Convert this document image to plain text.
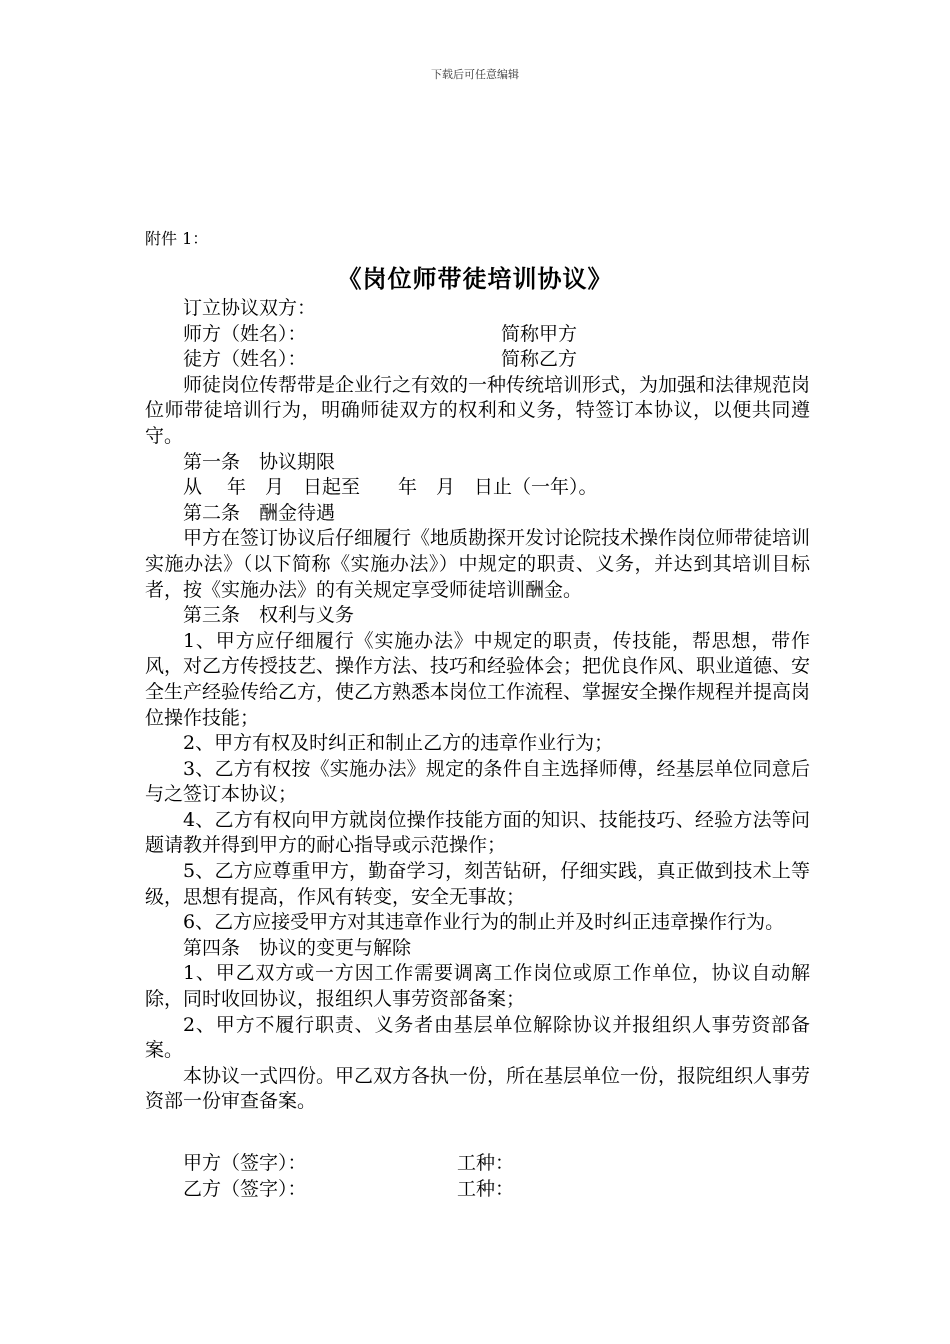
下载后可任意编辑
附件 1：
《岗位师带徒培训协议》

订立协议双方：

师方（姓名）：	简称甲方
徒方（姓名）：	简称乙方

师徒岗位传帮带是企业行之有效的一种传统培训形式，为加强和法律规范岗位师带徒培训行为，明确师徒双方的权利和义务，特签订本协议，以便共同遵守。

第一条　协议期限

从　 年　月　日起至　　年　月　日止（一年）。

第二条　酬金待遇

甲方在签订协议后仔细履行《地质勘探开发讨论院技术操作岗位师带徒培训实施办法》（以下简称《实施办法》）中规定的职责、义务，并达到其培训目标者，按《实施办法》的有关规定享受师徒培训酬金。

第三条　权利与义务

1、甲方应仔细履行《实施办法》中规定的职责，传技能，帮思想，带作风，对乙方传授技艺、操作方法、技巧和经验体会；把优良作风、职业道德、安全生产经验传给乙方，使乙方熟悉本岗位工作流程、掌握安全操作规程并提高岗位操作技能；

2、甲方有权及时纠正和制止乙方的违章作业行为；

3、乙方有权按《实施办法》规定的条件自主选择师傅，经基层单位同意后与之签订本协议；

4、乙方有权向甲方就岗位操作技能方面的知识、技能技巧、经验方法等问题请教并得到甲方的耐心指导或示范操作；

5、乙方应尊重甲方，勤奋学习，刻苦钻研，仔细实践，真正做到技术上等级，思想有提高，作风有转变，安全无事故；

6、乙方应接受甲方对其违章作业行为的制止并及时纠正违章操作行为。

第四条　协议的变更与解除

1、甲乙双方或一方因工作需要调离工作岗位或原工作单位，协议自动解除，同时收回协议，报组织人事劳资部备案；

2、甲方不履行职责、义务者由基层单位解除协议并报组织人事劳资部备案。

本协议一式四份。甲乙双方各执一份，所在基层单位一份，报院组织人事劳资部一份审查备案。

甲方（签字）：	工种：
乙方（签字）：	工种：
